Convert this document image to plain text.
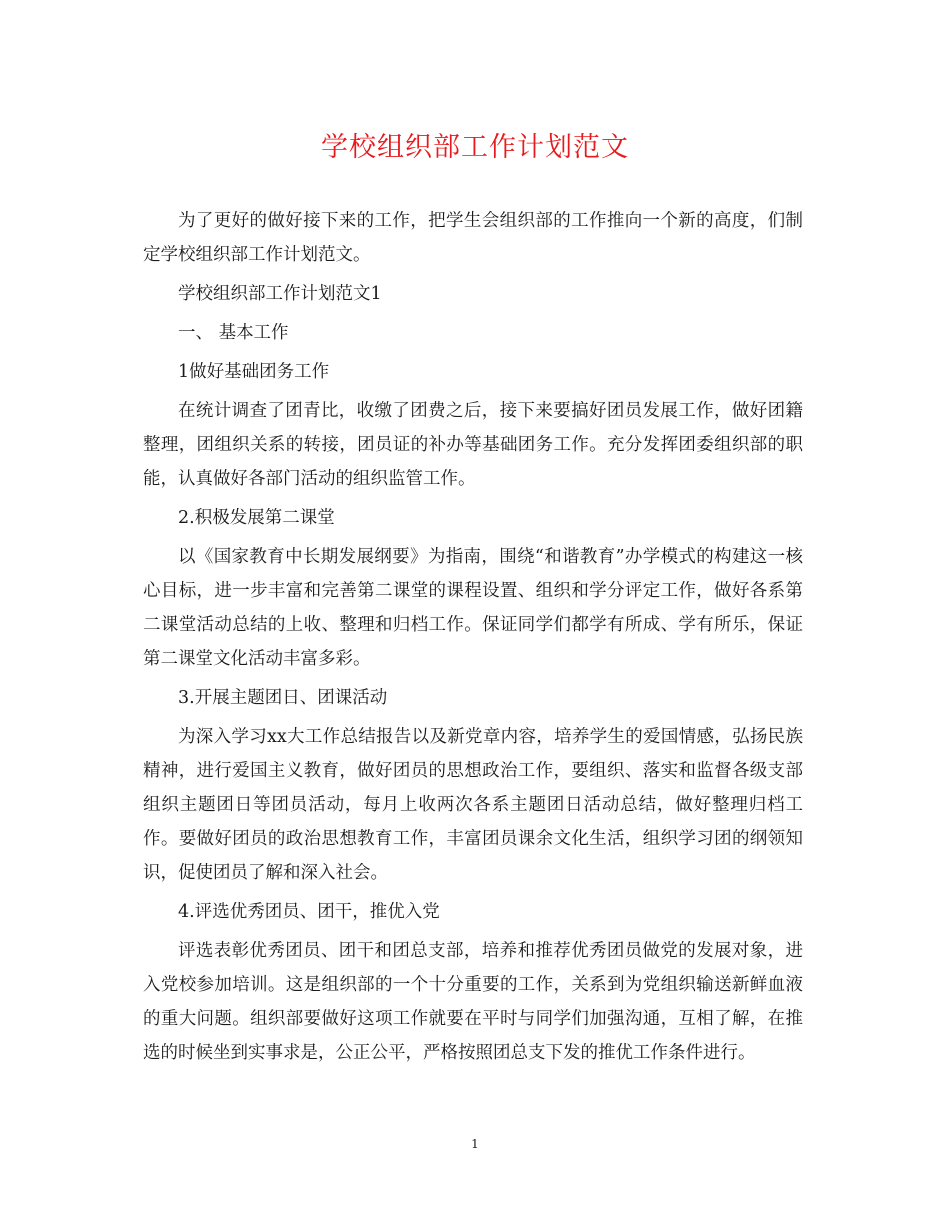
学校组织部工作计划范文

为了更好的做好接下来的工作，把学生会组织部的工作推向一个新的高度，们制定学校组织部工作计划范文。

学校组织部工作计划范文1

一、 基本工作

1做好基础团务工作

在统计调查了团青比，收缴了团费之后，接下来要搞好团员发展工作，做好团籍整理，团组织关系的转接，团员证的补办等基础团务工作。充分发挥团委组织部的职能，认真做好各部门活动的组织监管工作。

2.积极发展第二课堂

以《国家教育中长期发展纲要》为指南，围绕“和谐教育”办学模式的构建这一核心目标，进一步丰富和完善第二课堂的课程设置、组织和学分评定工作，做好各系第二课堂活动总结的上收、整理和归档工作。保证同学们都学有所成、学有所乐，保证第二课堂文化活动丰富多彩。

3.开展主题团日、团课活动

为深入学习xx大工作总结报告以及新党章内容，培养学生的爱国情感，弘扬民族精神，进行爱国主义教育，做好团员的思想政治工作，要组织、落实和监督各级支部组织主题团日等团员活动，每月上收两次各系主题团日活动总结，做好整理归档工作。要做好团员的政治思想教育工作，丰富团员课余文化生活，组织学习团的纲领知识，促使团员了解和深入社会。

4.评选优秀团员、团干，推优入党

评选表彰优秀团员、团干和团总支部，培养和推荐优秀团员做党的发展对象，进入党校参加培训。这是组织部的一个十分重要的工作，关系到为党组织输送新鲜血液的重大问题。组织部要做好这项工作就要在平时与同学们加强沟通，互相了解，在推选的时候坐到实事求是，公正公平，严格按照团总支下发的推优工作条件进行。

1
